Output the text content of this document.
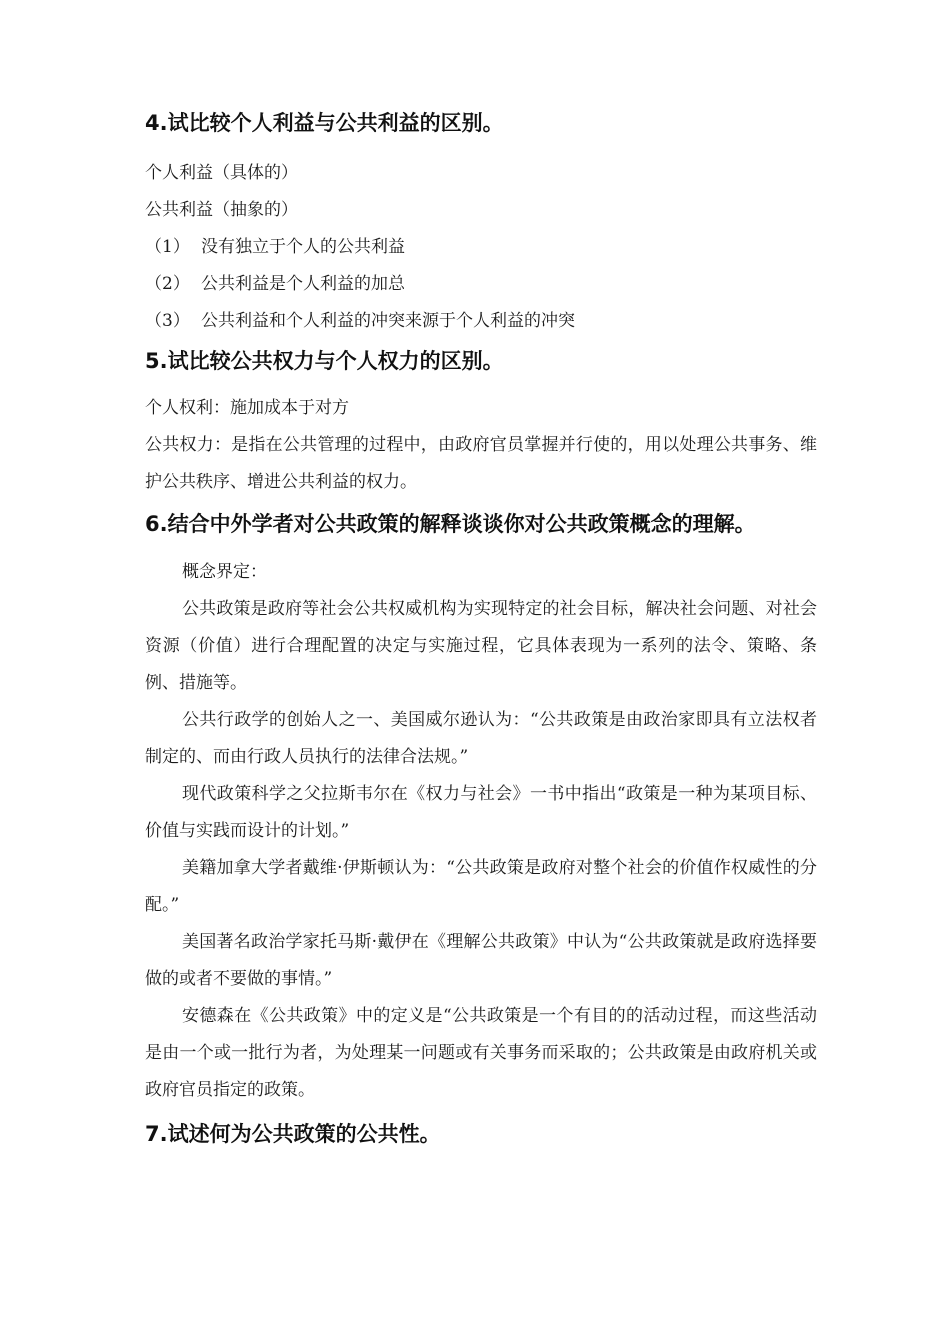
4.试比较个人利益与公共利益的区别。

个人利益（具体的）

公共利益（抽象的）

（1） 没有独立于个人的公共利益

（2） 公共利益是个人利益的加总

（3） 公共利益和个人利益的冲突来源于个人利益的冲突

5.试比较公共权力与个人权力的区别。

个人权利：施加成本于对方

公共权力：是指在公共管理的过程中，由政府官员掌握并行使的，用以处理公共事务、维护公共秩序、增进公共利益的权力。

6.结合中外学者对公共政策的解释谈谈你对公共政策概念的理解。

概念界定：

公共政策是政府等社会公共权威机构为实现特定的社会目标，解决社会问题、对社会资源（价值）进行合理配置的决定与实施过程，它具体表现为一系列的法令、策略、条例、措施等。

公共行政学的创始人之一、美国威尔逊认为：“公共政策是由政治家即具有立法权者制定的、而由行政人员执行的法律合法规。”

现代政策科学之父拉斯韦尔在《权力与社会》一书中指出“政策是一种为某项目标、价值与实践而设计的计划。”

美籍加拿大学者戴维·伊斯顿认为：“公共政策是政府对整个社会的价值作权威性的分配。”

美国著名政治学家托马斯·戴伊在《理解公共政策》中认为“公共政策就是政府选择要做的或者不要做的事情。”

安德森在《公共政策》中的定义是“公共政策是一个有目的的活动过程，而这些活动是由一个或一批行为者，为处理某一问题或有关事务而采取的；公共政策是由政府机关或政府官员指定的政策。

7.试述何为公共政策的公共性。
